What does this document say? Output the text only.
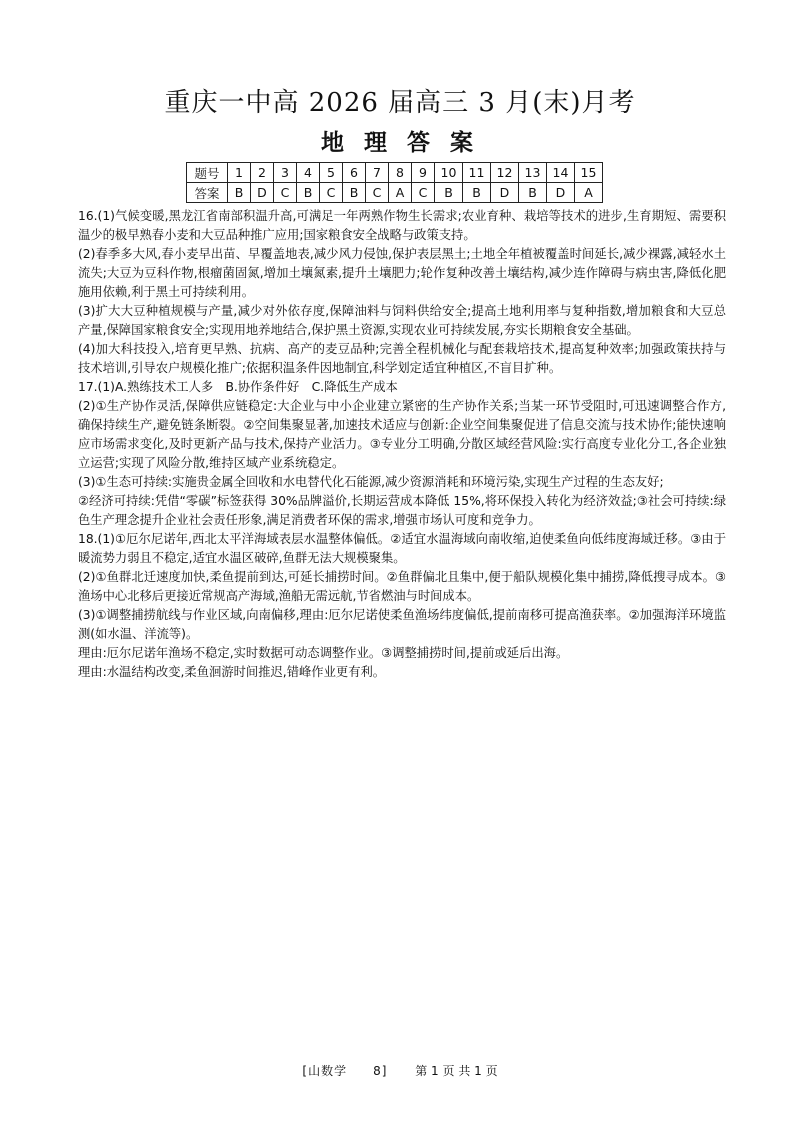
重庆一中高 2026 届高三 3 月(末)月考
地 理 答 案
题号	1	2	3	4	5	6	7	8	9	10	11	12	13	14	15
答案	B	D	C	B	C	B	C	A	C	B	B	D	B	D	A

16.(1)气候变暖,黑龙江省南部积温升高,可满足一年两熟作物生长需求;农业育种、栽培等技术的进步,生育期短、需要积温少的极早熟春小麦和大豆品种推广应用;国家粮食安全战略与政策支持。

(2)春季多大风,春小麦早出苗、早覆盖地表,减少风力侵蚀,保护表层黑土;土地全年植被覆盖时间延长,减少裸露,减轻水土流失;大豆为豆科作物,根瘤菌固氮,增加土壤氮素,提升土壤肥力;轮作复种改善土壤结构,减少连作障碍与病虫害,降低化肥施用依赖,利于黑土可持续利用。

(3)扩大大豆种植规模与产量,减少对外依存度,保障油料与饲料供给安全;提高土地利用率与复种指数,增加粮食和大豆总产量,保障国家粮食安全;实现用地养地结合,保护黑土资源,实现农业可持续发展,夯实长期粮食安全基础。

(4)加大科技投入,培育更早熟、抗病、高产的麦豆品种;完善全程机械化与配套栽培技术,提高复种效率;加强政策扶持与技术培训,引导农户规模化推广;依据积温条件因地制宜,科学划定适宜种植区,不盲目扩种。

17.(1)A.熟练技术工人多　B.协作条件好　C.降低生产成本

(2)①生产协作灵活,保障供应链稳定:大企业与中小企业建立紧密的生产协作关系;当某一环节受阻时,可迅速调整合作方,确保持续生产,避免链条断裂。②空间集聚显著,加速技术适应与创新:企业空间集聚促进了信息交流与技术协作;能快速响应市场需求变化,及时更新产品与技术,保持产业活力。③专业分工明确,分散区域经营风险:实行高度专业化分工,各企业独立运营;实现了风险分散,维持区域产业系统稳定。

(3)①生态可持续:实施贵金属全回收和水电替代化石能源,减少资源消耗和环境污染,实现生产过程的生态友好;

②经济可持续:凭借“零碳”标签获得 30%品牌溢价,长期运营成本降低 15%,将环保投入转化为经济效益;③社会可持续:绿色生产理念提升企业社会责任形象,满足消费者环保的需求,增强市场认可度和竞争力。

18.(1)①厄尔尼诺年,西北太平洋海域表层水温整体偏低。②适宜水温海域向南收缩,迫使柔鱼向低纬度海域迁移。③由于暖流势力弱且不稳定,适宜水温区破碎,鱼群无法大规模聚集。

(2)①鱼群北迁速度加快,柔鱼提前到达,可延长捕捞时间。②鱼群偏北且集中,便于船队规模化集中捕捞,降低搜寻成本。③渔场中心北移后更接近常规高产海域,渔船无需远航,节省燃油与时间成本。

(3)①调整捕捞航线与作业区域,向南偏移,理由:厄尔尼诺使柔鱼渔场纬度偏低,提前南移可提高渔获率。②加强海洋环境监测(如水温、洋流等)。

理由:厄尔尼诺年渔场不稳定,实时数据可动态调整作业。③调整捕捞时间,提前或延后出海。

理由:水温结构改变,柔鱼洄游时间推迟,错峰作业更有利。

[山数学　　8] 第 1 页 共 1 页
